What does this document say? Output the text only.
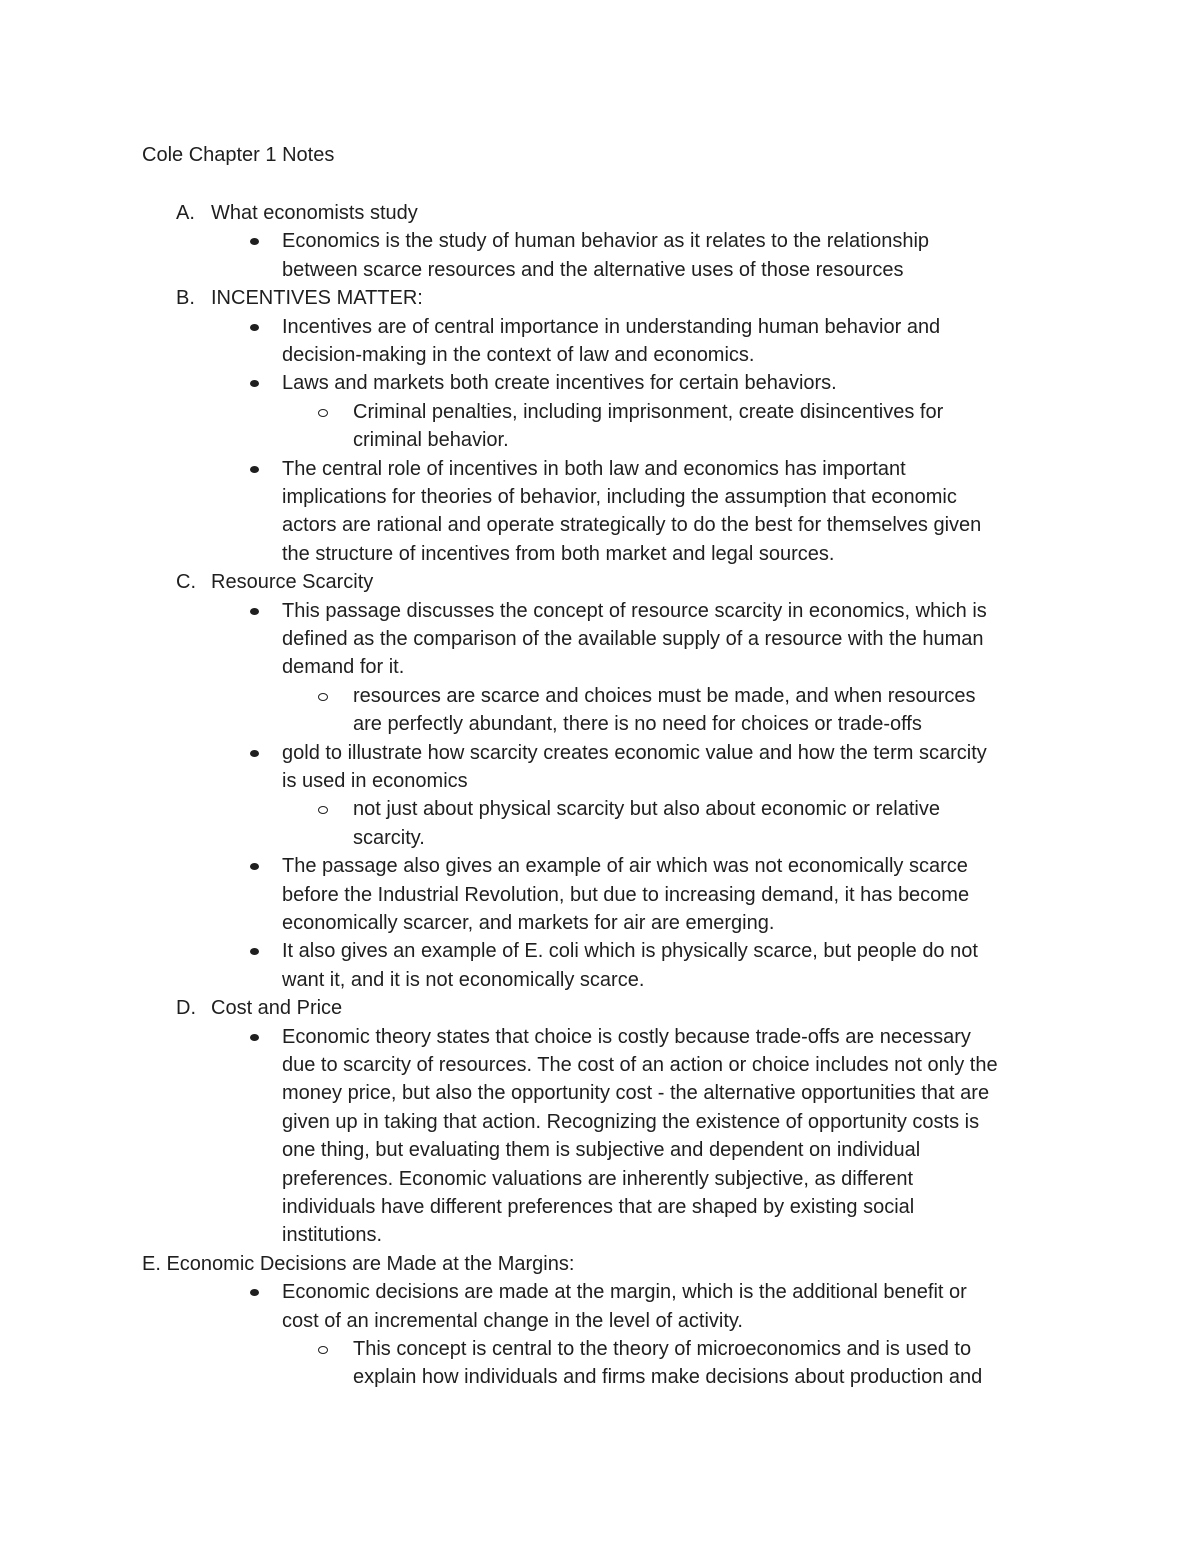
Cole Chapter 1 Notes
A. What economists study
Economics is the study of human behavior as it relates to the relationship
between scarce resources and the alternative uses of those resources
B. INCENTIVES MATTER:
Incentives are of central importance in understanding human behavior and
decision-making in the context of law and economics.
Laws and markets both create incentives for certain behaviors.
Criminal penalties, including imprisonment, create disincentives for
criminal behavior.
The central role of incentives in both law and economics has important
implications for theories of behavior, including the assumption that economic
actors are rational and operate strategically to do the best for themselves given
the structure of incentives from both market and legal sources.
C. Resource Scarcity
This passage discusses the concept of resource scarcity in economics, which is
defined as the comparison of the available supply of a resource with the human
demand for it.
resources are scarce and choices must be made, and when resources
are perfectly abundant, there is no need for choices or trade-offs
gold to illustrate how scarcity creates economic value and how the term scarcity
is used in economics
not just about physical scarcity but also about economic or relative
scarcity.
The passage also gives an example of air which was not economically scarce
before the Industrial Revolution, but due to increasing demand, it has become
economically scarcer, and markets for air are emerging.
It also gives an example of E. coli which is physically scarce, but people do not
want it, and it is not economically scarce.
D. Cost and Price
Economic theory states that choice is costly because trade-offs are necessary
due to scarcity of resources. The cost of an action or choice includes not only the
money price, but also the opportunity cost - the alternative opportunities that are
given up in taking that action. Recognizing the existence of opportunity costs is
one thing, but evaluating them is subjective and dependent on individual
preferences. Economic valuations are inherently subjective, as different
individuals have different preferences that are shaped by existing social
institutions.
E. Economic Decisions are Made at the Margins:
Economic decisions are made at the margin, which is the additional benefit or
cost of an incremental change in the level of activity.
This concept is central to the theory of microeconomics and is used to
explain how individuals and firms make decisions about production and
